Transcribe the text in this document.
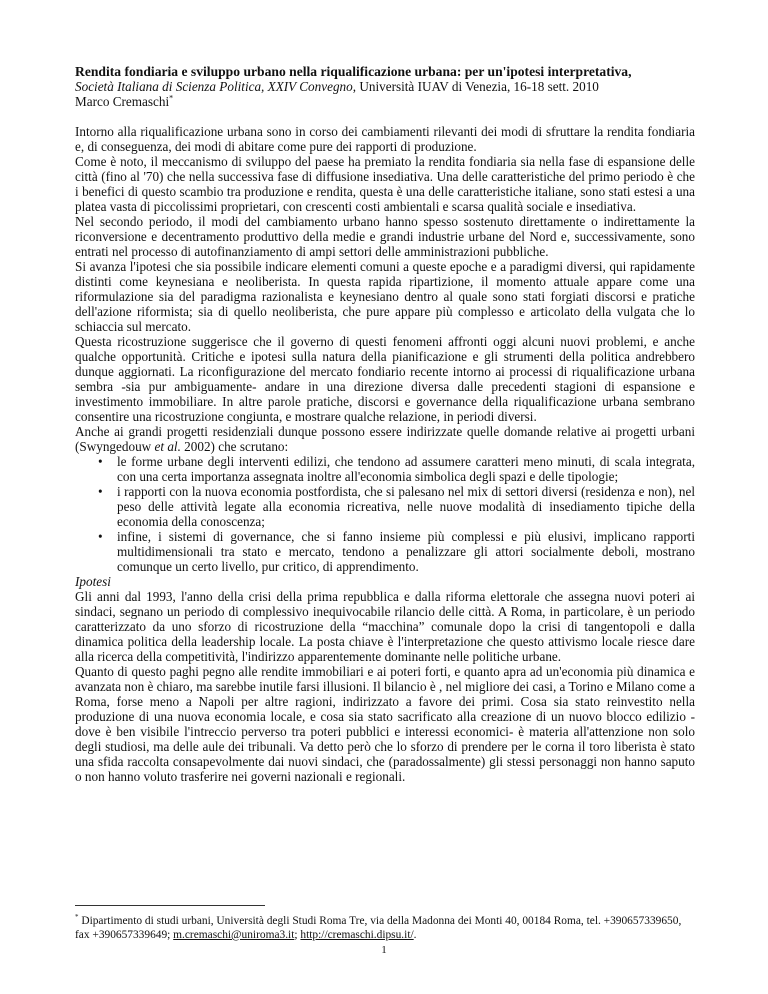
Rendita fondiaria e sviluppo urbano nella riqualificazione urbana: per un'ipotesi interpretativa,

Società Italiana di Scienza Politica, XXIV Convegno, Università IUAV di Venezia, 16-18 sett. 2010

Marco Cremaschi*

Intorno alla riqualificazione urbana sono in corso dei cambiamenti rilevanti dei modi di sfruttare la rendita fondiaria e, di conseguenza, dei modi di abitare come pure dei rapporti di produzione.

Come è noto, il meccanismo di sviluppo del paese ha premiato la rendita fondiaria sia nella fase di espansione delle città (fino al '70) che nella successiva fase di diffusione insediativa. Una delle caratteristiche del primo periodo è che i benefici di questo scambio tra produzione e rendita, questa è una delle caratteristiche italiane, sono stati estesi a una platea vasta di piccolissimi proprietari, con crescenti costi ambientali e scarsa qualità sociale e insediativa.

Nel secondo periodo, il modi del cambiamento urbano hanno spesso sostenuto direttamente o indirettamente la riconversione e decentramento produttivo della medie e grandi industrie urbane del Nord e, successivamente, sono entrati nel processo di autofinanziamento di ampi settori delle amministrazioni pubbliche.

Si avanza l'ipotesi che sia possibile indicare elementi comuni a queste epoche e a paradigmi diversi, qui rapidamente distinti come keynesiana e neoliberista. In questa rapida ripartizione, il momento attuale appare come una riformulazione sia del paradigma razionalista e keynesiano dentro al quale sono stati forgiati discorsi e pratiche dell'azione riformista; sia di quello neoliberista, che pure appare più complesso e articolato della vulgata che lo schiaccia sul mercato.

Questa ricostruzione suggerisce che il governo di questi fenomeni affronti oggi alcuni nuovi problemi, e anche qualche opportunità. Critiche e ipotesi sulla natura della pianificazione e gli strumenti della politica andrebbero dunque aggiornati. La riconfigurazione del mercato fondiario recente intorno ai processi di riqualificazione urbana sembra -sia pur ambiguamente- andare in una direzione diversa dalle precedenti stagioni di espansione e investimento immobiliare. In altre parole pratiche, discorsi e governance della riqualificazione urbana sembrano consentire una ricostruzione congiunta, e mostrare qualche relazione, in periodi diversi.

Anche ai grandi progetti residenziali dunque possono essere indirizzate quelle domande relative ai progetti urbani (Swyngedouw et al. 2002) che scrutano:

• le forme urbane degli interventi edilizi, che tendono ad assumere caratteri meno minuti, di scala integrata, con una certa importanza assegnata inoltre all'economia simbolica degli spazi e delle tipologie;
• i rapporti con la nuova economia postfordista, che si palesano nel mix di settori diversi (residenza e non), nel peso delle attività legate alla economia ricreativa, nelle nuove modalità di insediamento tipiche della economia della conoscenza;
• infine, i sistemi di governance, che si fanno insieme più complessi e più elusivi, implicano rapporti multidimensionali tra stato e mercato, tendono a penalizzare gli attori socialmente deboli, mostrano comunque un certo livello, pur critico, di apprendimento.

Ipotesi

Gli anni dal 1993, l'anno della crisi della prima repubblica e dalla riforma elettorale che assegna nuovi poteri ai sindaci, segnano un periodo di complessivo inequivocabile rilancio delle città. A Roma, in particolare, è un periodo caratterizzato da uno sforzo di ricostruzione della “macchina” comunale dopo la crisi di tangentopoli e dalla dinamica politica della leadership locale. La posta chiave è l'interpretazione che questo attivismo locale riesce dare alla ricerca della competitività, l'indirizzo apparentemente dominante nelle politiche urbane.

Quanto di questo paghi pegno alle rendite immobiliari e ai poteri forti, e quanto apra ad un'economia più dinamica e avanzata non è chiaro, ma sarebbe inutile farsi illusioni. Il bilancio è , nel migliore dei casi, a Torino e Milano come a Roma, forse meno a Napoli per altre ragioni, indirizzato a favore dei primi. Cosa sia stato reinvestito nella produzione di una nuova economia locale, e cosa sia stato sacrificato alla creazione di un nuovo blocco edilizio -dove è ben visibile l'intreccio perverso tra poteri pubblici e interessi economici- è materia all'attenzione non solo degli studiosi, ma delle aule dei tribunali. Va detto però che lo sforzo di prendere per le corna il toro liberista è stato una sfida raccolta consapevolmente dai nuovi sindaci, che (paradossalmente) gli stessi personaggi non hanno saputo o non hanno voluto trasferire nei governi nazionali e regionali.

* Dipartimento di studi urbani, Università degli Studi Roma Tre, via della Madonna dei Monti 40, 00184 Roma, tel. +390657339650, fax +390657339649; m.cremaschi@uniroma3.it; http://cremaschi.dipsu.it/.
1
